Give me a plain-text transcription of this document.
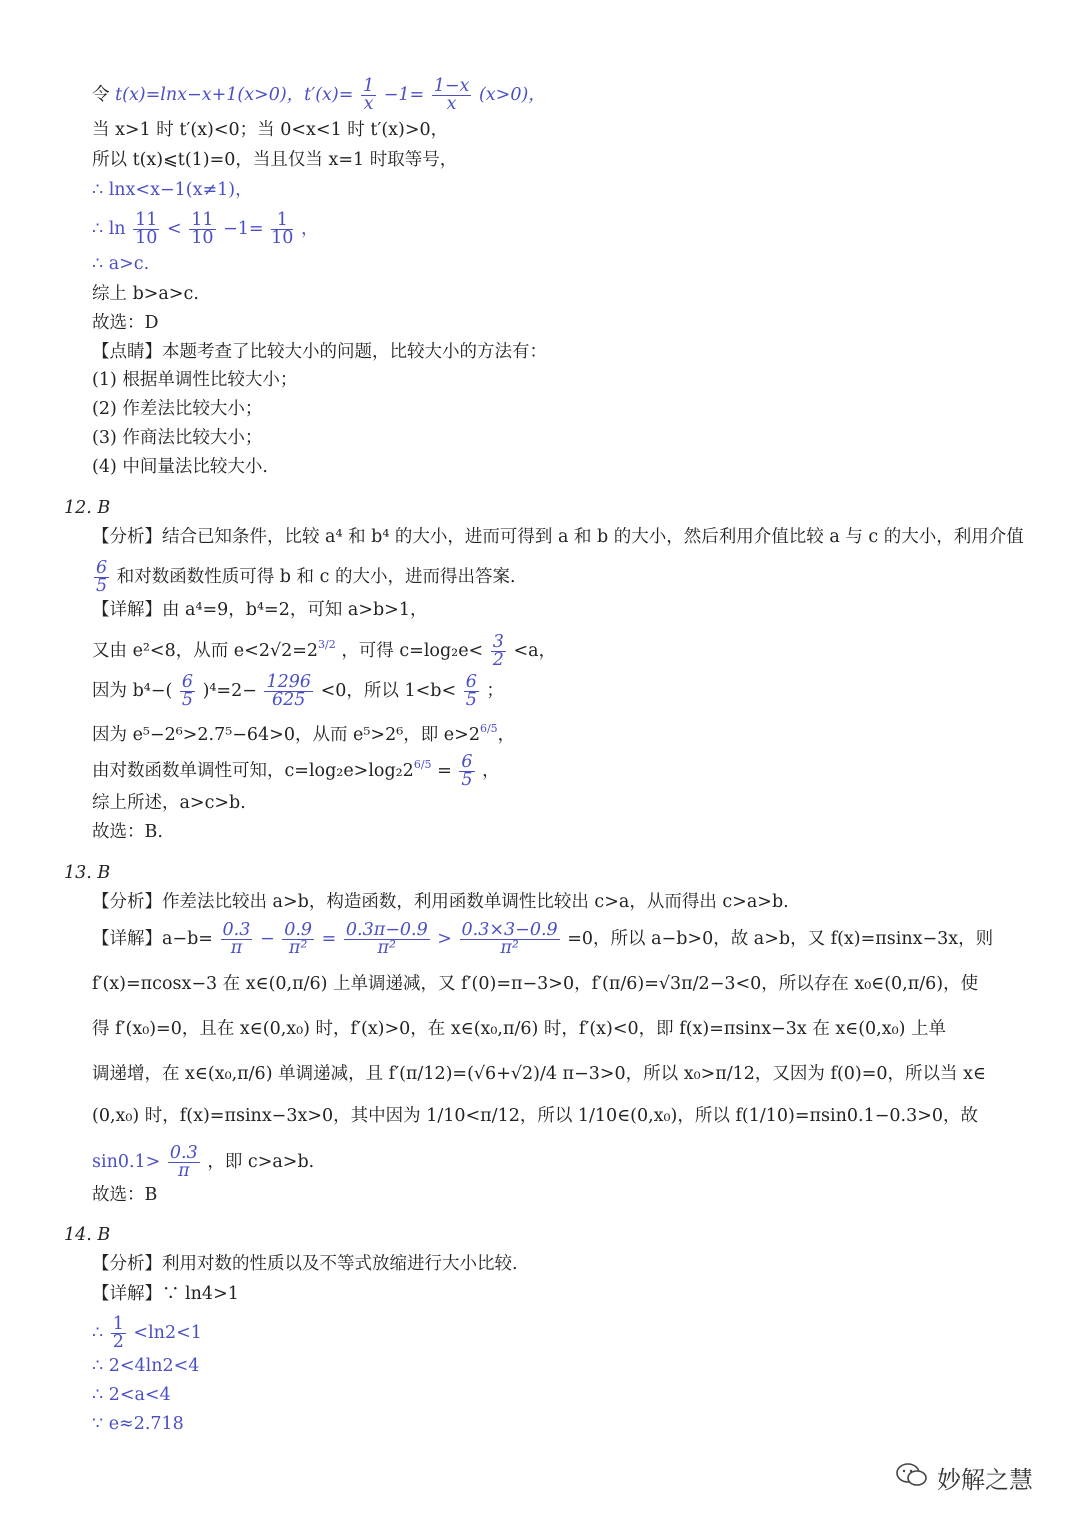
令 t(x)=lnx−x+1(x>0)，$t'(x)= \frac{1}{x} -1= \frac{1-x}{x} (x>0)$，
当 x>1 时 t′(x)<0；当 0<x<1 时 t′(x)>0，
所以 t(x)⩽t(1)=0，当且仅当 x=1 时取等号，
∴ lnx<x−1(x≠1)，
∴ $\ln \frac{11}{10} < \frac{11}{10} -1= \frac{1}{10}$ ，
∴ a>c.
综上 b>a>c.
故选：D
【点睛】本题考查了比较大小的问题，比较大小的方法有：
(1) 根据单调性比较大小；
(2) 作差法比较大小；
(3) 作商法比较大小；
(4) 中间量法比较大小.
12. B
【分析】结合已知条件，比较 a⁴ 和 b⁴ 的大小，进而可得到 a 和 b 的大小，然后利用介值比较 a 与 c 的大小，利用介值
$\frac{6}{5}$ 和对数函数性质可得 b 和 c 的大小，进而得出答案.
【详解】由 a⁴=9，b⁴=2，可知 a>b>1，
又由 e²<8，从而 $e<2√2=2^{3/2}$ ，可得 $c=\log_2e< \frac{3}{2} <a$，
因为 $b^4-( \frac{6}{5} )^4=2- \frac{1296}{625} <0$，所以 $1<b< \frac{6}{5}$ ；
因为 e⁵−2⁶>2.7⁵−64>0，从而 e⁵>2⁶，即 $e>2^{6/5}$，
由对数函数单调性可知，$c=\log_2e>\log_22^{6/5} = \frac{6}{5}$ ，
综上所述，a>c>b.
故选：B.
13. B
【分析】作差法比较出 a>b，构造函数，利用函数单调性比较出 c>a，从而得出 c>a>b.
【详解】$a-b= \frac{0.3}{\pi} - \frac{0.9}{\text{π²}} = \frac{0.3\pi-0.9}{\text{π²}} > \frac{0.3\times 3-0.9}{\text{π²}} =0$，所以 a−b>0，故 a>b，又 f(x)=πsinx−3x，则
f′(x)=πcosx−3 在 x∈(0,π/6) 上单调递减，又 f′(0)=π−3>0，f′(π/6)=√3π/2−3<0，所以存在 x₀∈(0,π/6)，使
得 f′(x₀)=0，且在 x∈(0,x₀) 时，f′(x)>0，在 x∈(x₀,π/6) 时，f′(x)<0，即 f(x)=πsinx−3x 在 x∈(0,x₀) 上单
调递增，在 x∈(x₀,π/6) 单调递减，且 f′(π/12)=(√6+√2)/4 π−3>0，所以 x₀>π/12，又因为 f(0)=0，所以当 x∈
(0,x₀) 时，f(x)=πsinx−3x>0，其中因为 1/10<π/12，所以 1/10∈(0,x₀)，所以 f(1/10)=πsin0.1−0.3>0，故
$\sin 0.1> \frac{0.3}{\pi}$ ，即 c>a>b.
故选：B
14. B
【分析】利用对数的性质以及不等式放缩进行大小比较.
【详解】∵ ln4>1
∴ $\frac{1}{2} <\ln 2<1$
∴ 2<4ln2<4
∴ 2<a<4
∵ e≈2.718
妙解之慧
